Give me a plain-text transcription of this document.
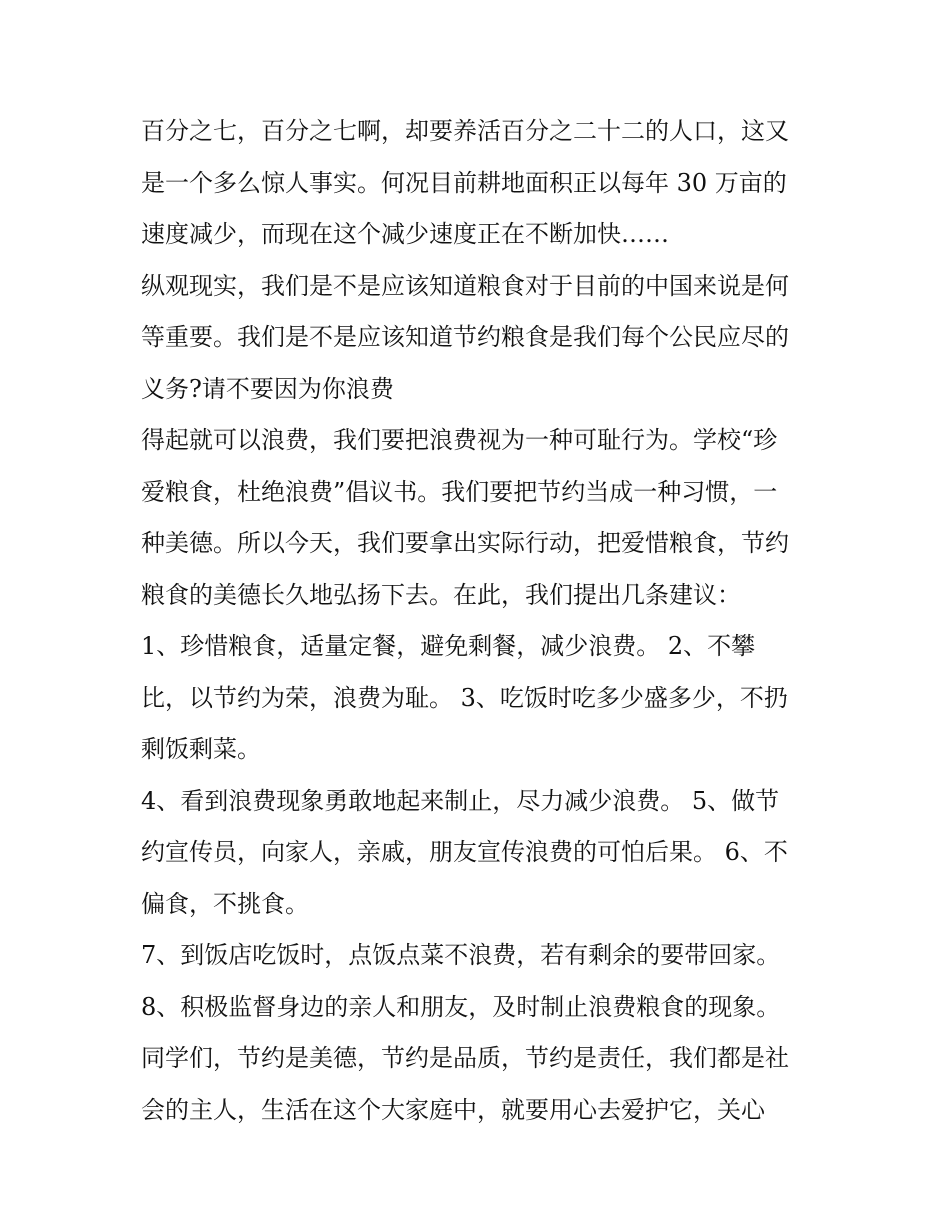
百分之七，百分之七啊，却要养活百分之二十二的人口，这又
是一个多么惊人事实。何况目前耕地面积正以每年 30 万亩的
速度减少，而现在这个减少速度正在不断加快……
纵观现实，我们是不是应该知道粮食对于目前的中国来说是何
等重要。我们是不是应该知道节约粮食是我们每个公民应尽的
义务?请不要因为你浪费
得起就可以浪费，我们要把浪费视为一种可耻行为。学校“珍
爱粮食，杜绝浪费”倡议书。我们要把节约当成一种习惯，一
种美德。所以今天，我们要拿出实际行动，把爱惜粮食，节约
粮食的美德长久地弘扬下去。在此，我们提出几条建议：
1、珍惜粮食，适量定餐，避免剩餐，减少浪费。 2、不攀
比，以节约为荣，浪费为耻。 3、吃饭时吃多少盛多少，不扔
剩饭剩菜。
4、看到浪费现象勇敢地起来制止，尽力减少浪费。 5、做节
约宣传员，向家人，亲戚，朋友宣传浪费的可怕后果。 6、不
偏食，不挑食。
7、到饭店吃饭时，点饭点菜不浪费，若有剩余的要带回家。
8、积极监督身边的亲人和朋友，及时制止浪费粮食的现象。
同学们，节约是美德，节约是品质，节约是责任，我们都是社
会的主人，生活在这个大家庭中，就要用心去爱护它，关心
